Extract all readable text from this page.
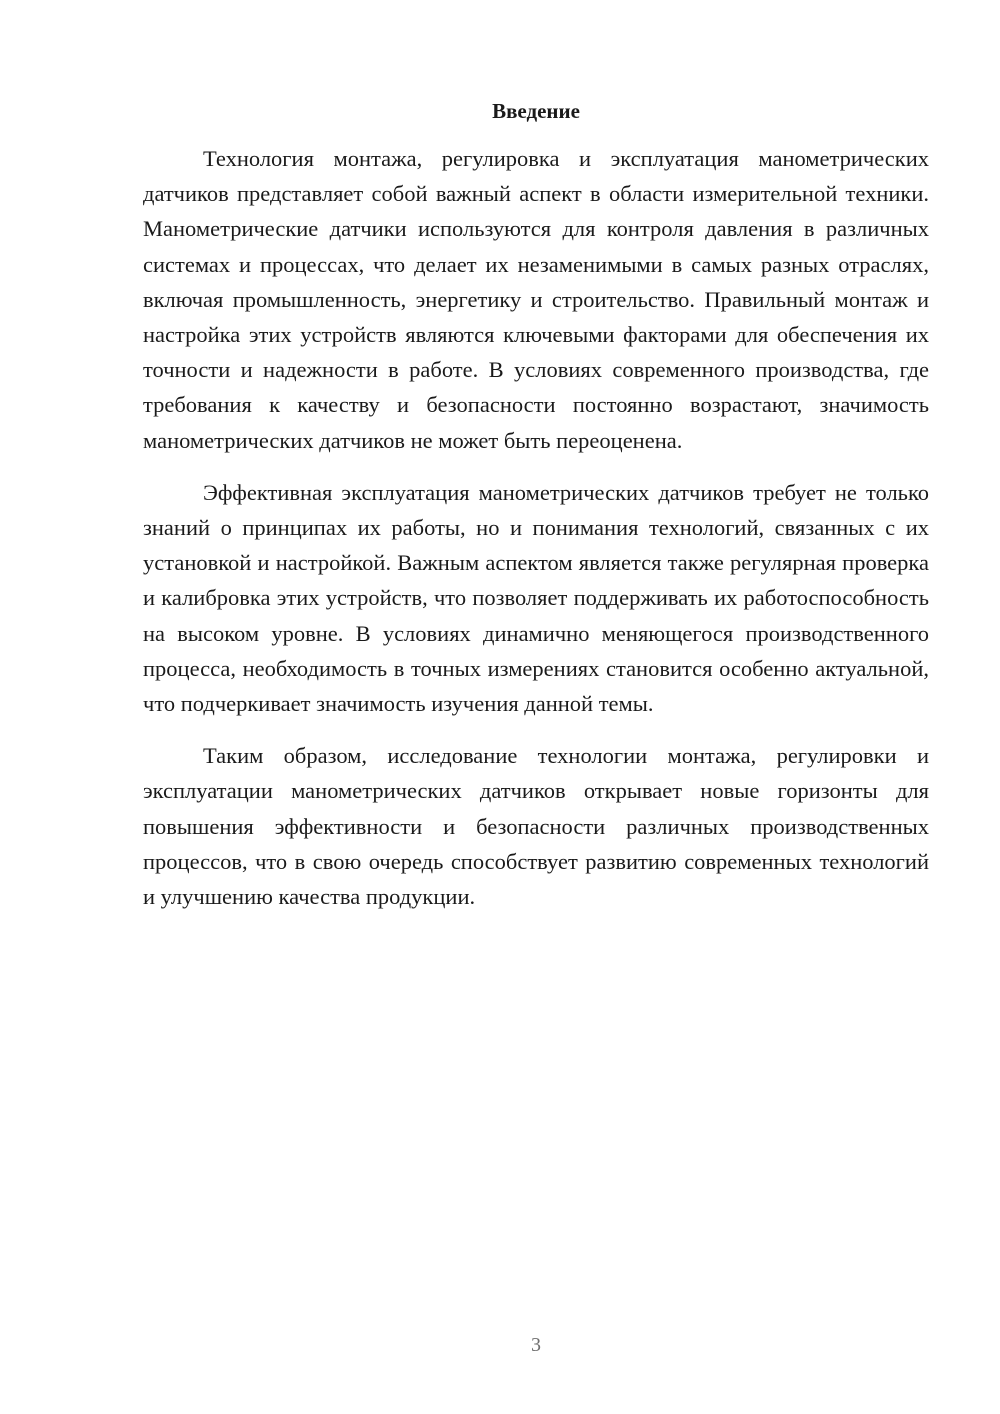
Введение

Технология монтажа, регулировка и эксплуатация манометрических датчиков представляет собой важный аспект в области измерительной техники. Манометрические датчики используются для контроля давления в различных системах и процессах, что делает их незаменимыми в самых разных отраслях, включая промышленность, энергетику и строительство. Правильный монтаж и настройка этих устройств являются ключевыми факторами для обеспечения их точности и надежности в работе. В условиях современного производства, где требования к качеству и безопасности постоянно возрастают, значимость манометрических датчиков не может быть переоценена.

Эффективная эксплуатация манометрических датчиков требует не только знаний о принципах их работы, но и понимания технологий, связанных с их установкой и настройкой. Важным аспектом является также регулярная проверка и калибровка этих устройств, что позволяет поддерживать их работоспособность на высоком уровне. В условиях динамично меняющегося производственного процесса, необходимость в точных измерениях становится особенно актуальной, что подчеркивает значимость изучения данной темы.

Таким образом, исследование технологии монтажа, регулировки и эксплуатации манометрических датчиков открывает новые горизонты для повышения эффективности и безопасности различных производственных процессов, что в свою очередь способствует развитию современных технологий и улучшению качества продукции.

3
